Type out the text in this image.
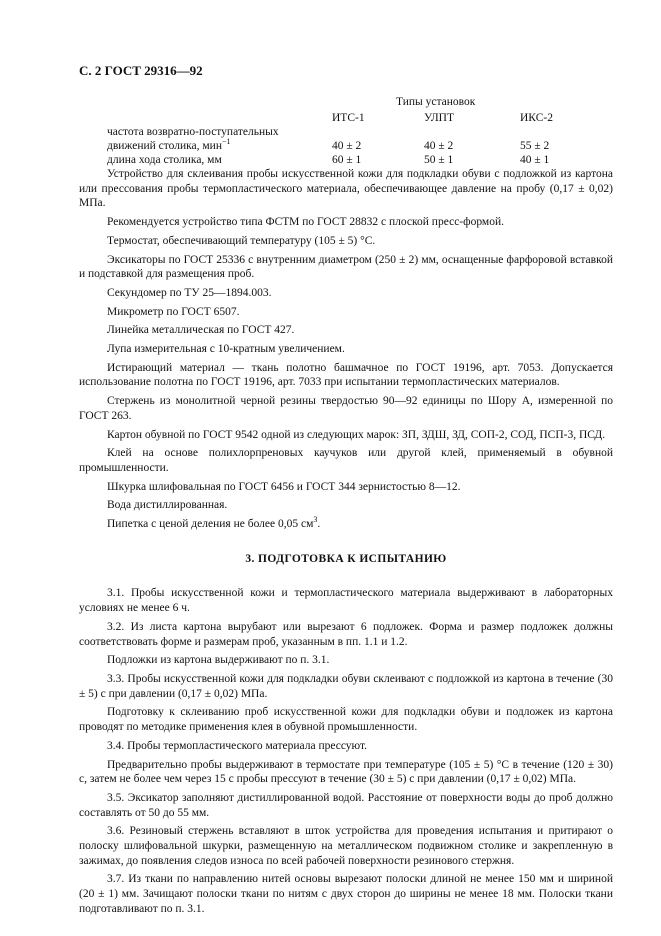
С. 2 ГОСТ 29316—92
Типы установок
ИТС-1	УЛПТ	ИКС-2
частота возвратно-поступательных
движений столика, мин$^{-1}$	40 ± 2	40 ± 2	55 ± 2
длина хода столика, мм	60 ± 1	50 ± 1	40 ± 1

Устройство для склеивания пробы искусственной кожи для подкладки обуви с подложкой из картона или прессования пробы термопластического материала, обеспечивающее давление на пробу (0,17 ± 0,02) МПа.

Рекомендуется устройство типа ФСТМ по ГОСТ 28832 с плоской пресс-формой.

Термостат, обеспечивающий температуру (105 ± 5) °С.

Эксикаторы по ГОСТ 25336 с внутренним диаметром (250 ± 2) мм, оснащенные фарфоровой вставкой и подставкой для размещения проб.

Секундомер по ТУ 25—1894.003.

Микрометр по ГОСТ 6507.

Линейка металлическая по ГОСТ 427.

Лупа измерительная с 10-кратным увеличением.

Истирающий материал — ткань полотно башмачное по ГОСТ 19196, арт. 7053. Допускается использование полотна по ГОСТ 19196, арт. 7033 при испытании термопластических материалов.

Стержень из монолитной черной резины твердостью 90—92 единицы по Шору А, измеренной по ГОСТ 263.

Картон обувной по ГОСТ 9542 одной из следующих марок: ЗП, ЗДШ, ЗД, СОП-2, СОД, ПСП-3, ПСД.

Клей на основе полихлорпреновых каучуков или другой клей, применяемый в обувной промышленности.

Шкурка шлифовальная по ГОСТ 6456 и ГОСТ 344 зернистостью 8—12.

Вода дистиллированная.

Пипетка с ценой деления не более 0,05 $см^3$.

3. ПОДГОТОВКА К ИСПЫТАНИЮ

3.1. Пробы искусственной кожи и термопластического материала выдерживают в лабораторных условиях не менее 6 ч.

3.2. Из листа картона вырубают или вырезают 6 подложек. Форма и размер подложек должны соответствовать форме и размерам проб, указанным в пп. 1.1 и 1.2.

Подложки из картона выдерживают по п. 3.1.

3.3. Пробы искусственной кожи для подкладки обуви склеивают с подложкой из картона в течение (30 ± 5) с при давлении (0,17 ± 0,02) МПа.

Подготовку к склеиванию проб искусственной кожи для подкладки обуви и подложек из картона проводят по методике применения клея в обувной промышленности.

3.4. Пробы термопластического материала прессуют.

Предварительно пробы выдерживают в термостате при температуре (105 ± 5) °С в течение (120 ± 30) с, затем не более чем через 15 с пробы прессуют в течение (30 ± 5) с при давлении (0,17 ± 0,02) МПа.

3.5. Эксикатор заполняют дистиллированной водой. Расстояние от поверхности воды до проб должно составлять от 50 до 55 мм.

3.6. Резиновый стержень вставляют в шток устройства для проведения испытания и притирают о полоску шлифовальной шкурки, размещенную на металлическом подвижном столике и закрепленную в зажимах, до появления следов износа по всей рабочей поверхности резинового стержня.

3.7. Из ткани по направлению нитей основы вырезают полоски длиной не менее 150 мм и шириной (20 ± 1) мм. Зачищают полоски ткани по нитям с двух сторон до ширины не менее 18 мм. Полоски ткани подготавливают по п. 3.1.
